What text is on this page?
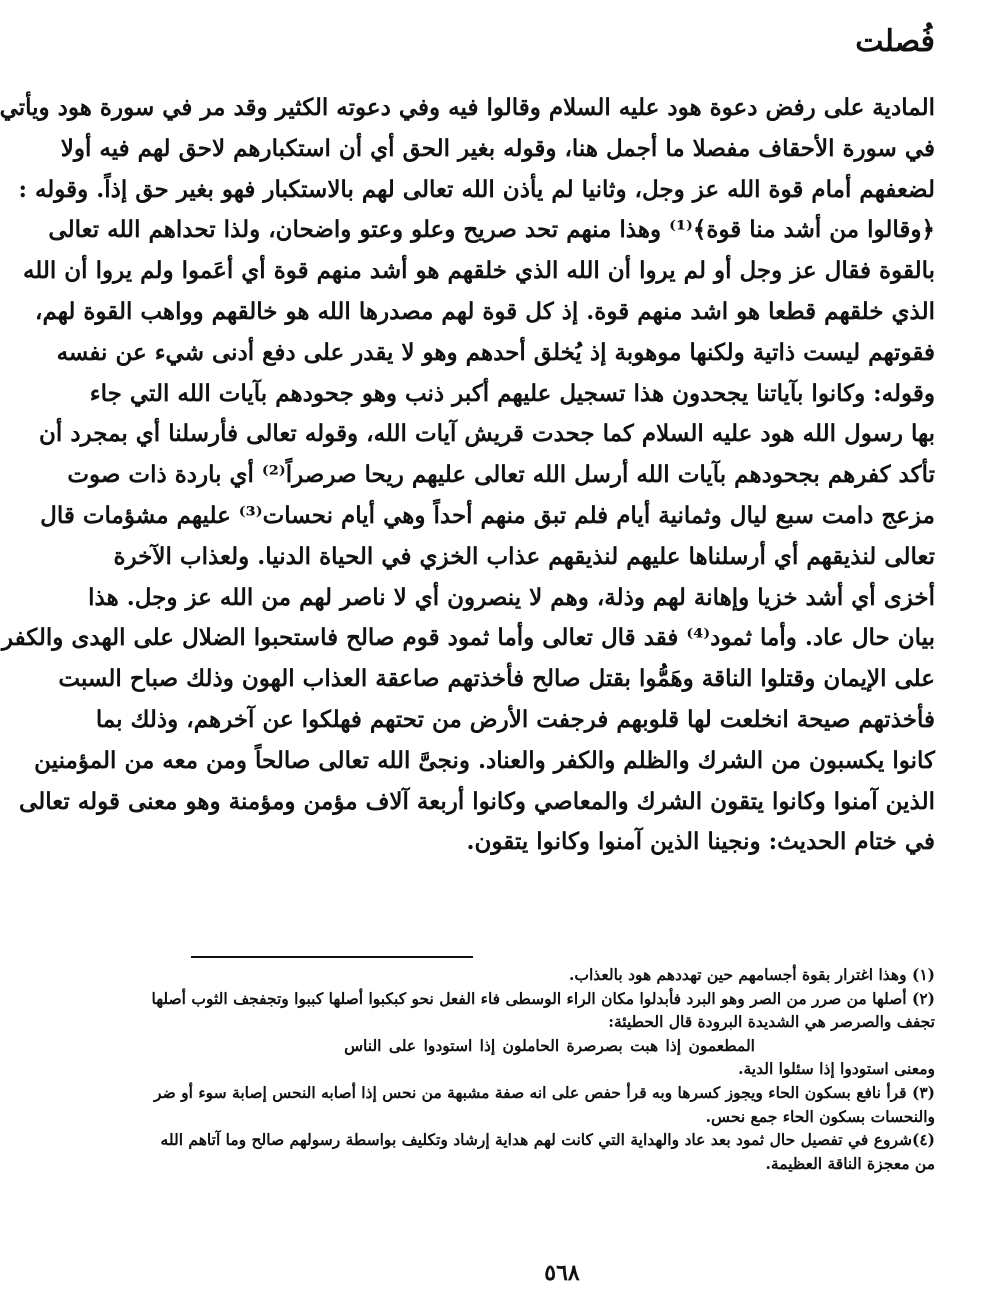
فُصلت
المادية على رفض دعوة هود عليه السلام وقالوا فيه وفي دعوته الكثير وقد مر في سورة هود ويأتي
في سورة الأحقاف مفصلا ما أجمل هنا، وقوله بغير الحق أي أن استكبارهم لاحق لهم فيه أولا
لضعفهم أمام قوة الله عز وجل، وثانيا لم يأذن الله تعالى لهم بالاستكبار فهو بغير حق إذاً. وقوله :
﴿وقالوا من أشد منا قوة﴾⁽¹⁾ وهذا منهم تحد صريح وعلو وعتو واضحان، ولذا تحداهم الله تعالى
بالقوة فقال عز وجل أو لم يروا أن الله الذي خلقهم هو أشد منهم قوة أي أعَموا ولم يروا أن الله
الذي خلقهم قطعا هو اشد منهم قوة. إذ كل قوة لهم مصدرها الله هو خالقهم وواهب القوة لهم،
فقوتهم ليست ذاتية ولكنها موهوبة إذ يُخلق أحدهم وهو لا يقدر على دفع أدنى شيء عن نفسه
وقوله: وكانوا بآياتنا يجحدون هذا تسجيل عليهم أكبر ذنب وهو جحودهم بآيات الله التي جاء
بها رسول الله هود عليه السلام كما جحدت قريش آيات الله، وقوله تعالى فأرسلنا أي بمجرد أن
تأكد كفرهم بجحودهم بآيات الله أرسل الله تعالى عليهم ريحا صرصراً⁽²⁾ أي باردة ذات صوت
مزعج دامت سبع ليال وثمانية أيام فلم تبق منهم أحداً وهي أيام نحسات⁽³⁾ عليهم مشؤمات قال
تعالى لنذيقهم أي أرسلناها عليهم لنذيقهم عذاب الخزي في الحياة الدنيا. ولعذاب الآخرة
أخزى أي أشد خزيا وإهانة لهم وذلة، وهم لا ينصرون أي لا ناصر لهم من الله عز وجل. هذا
بيان حال عاد. وأما ثمود⁽⁴⁾ فقد قال تعالى وأما ثمود قوم صالح فاستحبوا الضلال على الهدى والكفر
على الإيمان وقتلوا الناقة وهَمُّوا بقتل صالح فأخذتهم صاعقة العذاب الهون وذلك صباح السبت
فأخذتهم صيحة انخلعت لها قلوبهم فرجفت الأرض من تحتهم فهلكوا عن آخرهم، وذلك بما
كانوا يكسبون من الشرك والظلم والكفر والعناد. ونجىَّ الله تعالى صالحاً ومن معه من المؤمنين
الذين آمنوا وكانوا يتقون الشرك والمعاصي وكانوا أربعة آلاف مؤمن ومؤمنة وهو معنى قوله تعالى
في ختام الحديث: ونجينا الذين آمنوا وكانوا يتقون.
(١) وهذا اغترار بقوة أجسامهم حين تهددهم هود بالعذاب.
(٢) أصلها من صرر من الصر وهو البرد فأبدلوا مكان الراء الوسطى فاء الفعل نحو كبكبوا أصلها كببوا وتجفجف الثوب أصلها
تجفف والصرصر هي الشديدة البرودة قال الحطيئة:
المطعمون إذا هبت بصرصرة الحاملون إذا استودوا على الناس
ومعنى استودوا إذا سئلوا الدية.
(٣) قرأ نافع بسكون الحاء ويجوز كسرها وبه قرأ حفص على انه صفة مشبهة من نحس إذا أصابه النحس إصابة سوء أو ضر
والنحسات بسكون الحاء جمع نحس.
(٤)شروع في تفصيل حال ثمود بعد عاد والهداية التي كانت لهم هداية إرشاد وتكليف بواسطة رسولهم صالح وما آتاهم الله
من معجزة الناقة العظيمة.
٥٦٨
